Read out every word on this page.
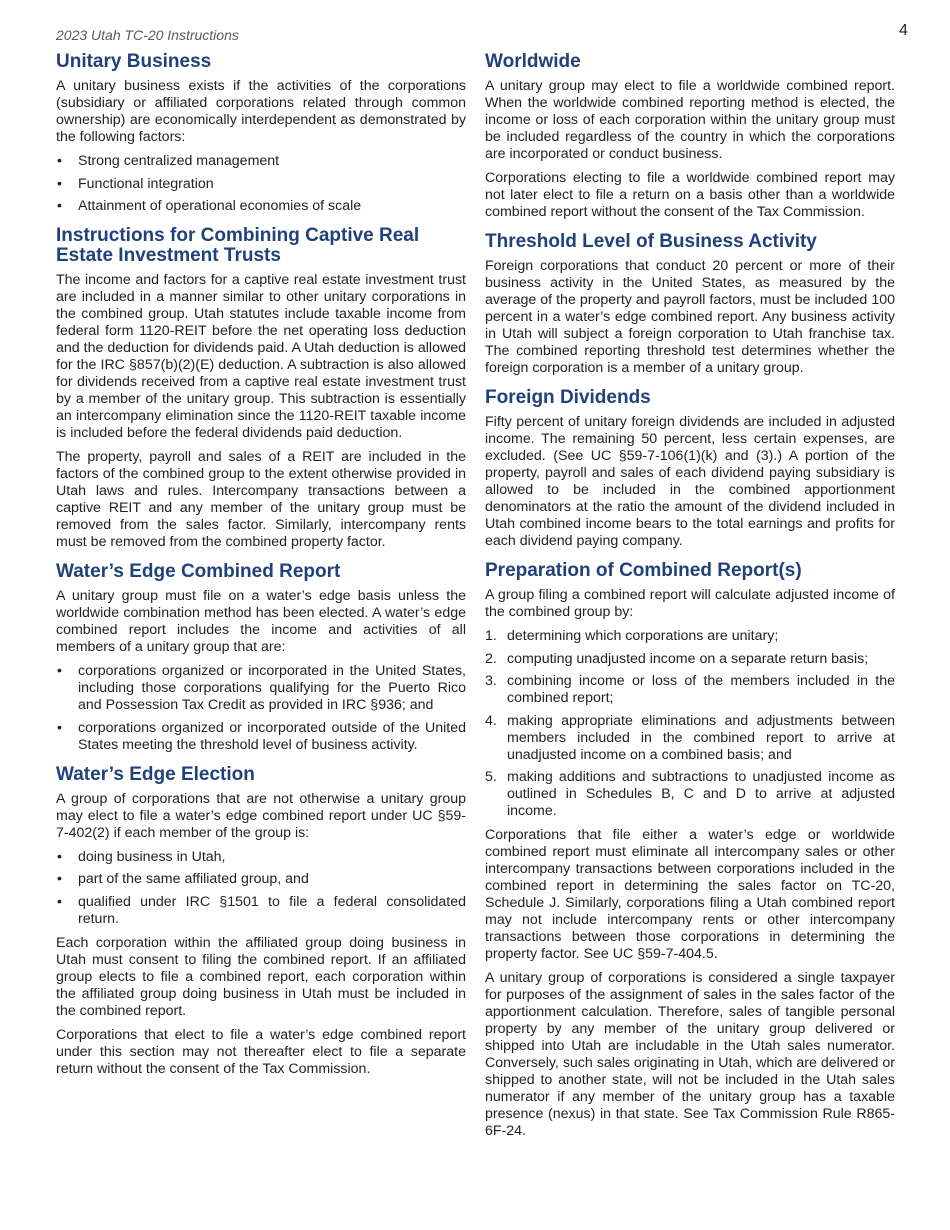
2023 Utah TC-20 Instructions	4
Unitary Business

A unitary business exists if the activities of the corporations (subsidiary or affiliated corporations related through common ownership) are economically interdependent as demonstrated by the following factors:

• Strong centralized management
• Functional integration
• Attainment of operational economies of scale
Instructions for Combining Captive Real Estate Investment Trusts

The income and factors for a captive real estate investment trust are included in a manner similar to other unitary corporations in the combined group. Utah statutes include taxable income from federal form 1120-REIT before the net operating loss deduction and the deduction for dividends paid. A Utah deduction is allowed for the IRC §857(b)(2)(E) deduction. A subtraction is also allowed for dividends received from a captive real estate investment trust by a member of the unitary group. This subtraction is essentially an intercompany elimination since the 1120-REIT taxable income is included before the federal dividends paid deduction.

The property, payroll and sales of a REIT are included in the factors of the combined group to the extent otherwise provided in Utah laws and rules. Intercompany transactions between a captive REIT and any member of the unitary group must be removed from the sales factor. Similarly, intercompany rents must be removed from the combined property factor.

Water’s Edge Combined Report

A unitary group must file on a water’s edge basis unless the worldwide combination method has been elected. A water’s edge combined report includes the income and activities of all members of a unitary group that are:

• corporations organized or incorporated in the United States, including those corporations qualifying for the Puerto Rico and Possession Tax Credit as provided in IRC §936; and
• corporations organized or incorporated outside of the United States meeting the threshold level of business activity.
Water’s Edge Election

A group of corporations that are not otherwise a unitary group may elect to file a water’s edge combined report under UC §59-7-402(2) if each member of the group is:

• doing business in Utah,
• part of the same affiliated group, and
• qualified under IRC §1501 to file a federal consolidated return.

Each corporation within the affiliated group doing business in Utah must consent to filing the combined report. If an affiliated group elects to file a combined report, each corporation within the affiliated group doing business in Utah must be included in the combined report.

Corporations that elect to file a water’s edge combined report under this section may not thereafter elect to file a separate return without the consent of the Tax Commission.

Worldwide

A unitary group may elect to file a worldwide combined report. When the worldwide combined reporting method is elected, the income or loss of each corporation within the unitary group must be included regardless of the country in which the corporations are incorporated or conduct business.

Corporations electing to file a worldwide combined report may not later elect to file a return on a basis other than a worldwide combined report without the consent of the Tax Commission.

Threshold Level of Business Activity

Foreign corporations that conduct 20 percent or more of their business activity in the United States, as measured by the average of the property and payroll factors, must be included 100 percent in a water’s edge combined report. Any business activity in Utah will subject a foreign corporation to Utah franchise tax. The combined reporting threshold test determines whether the foreign corporation is a member of a unitary group.

Foreign Dividends

Fifty percent of unitary foreign dividends are included in adjusted income. The remaining 50 percent, less certain expenses, are excluded. (See UC §59-7-106(1)(k) and (3).) A portion of the property, payroll and sales of each dividend paying subsidiary is allowed to be included in the combined apportionment denominators at the ratio the amount of the dividend included in Utah combined income bears to the total earnings and profits for each dividend paying company.

Preparation of Combined Report(s)

A group filing a combined report will calculate adjusted income of the combined group by:

1. determining which corporations are unitary;
2. computing unadjusted income on a separate return basis;
3. combining income or loss of the members included in the combined report;
4. making appropriate eliminations and adjustments between members included in the combined report to arrive at unadjusted income on a combined basis; and
5. making additions and subtractions to unadjusted income as outlined in Schedules B, C and D to arrive at adjusted income.

Corporations that file either a water’s edge or worldwide combined report must eliminate all intercompany sales or other intercompany transactions between corporations included in the combined report in determining the sales factor on TC-20, Schedule J. Similarly, corporations filing a Utah combined report may not include intercompany rents or other intercompany transactions between those corporations in determining the property factor. See UC §59-7-404.5.

A unitary group of corporations is considered a single taxpayer for purposes of the assignment of sales in the sales factor of the apportionment calculation. Therefore, sales of tangible personal property by any member of the unitary group delivered or shipped into Utah are includable in the Utah sales numerator. Conversely, such sales originating in Utah, which are delivered or shipped to another state, will not be included in the Utah sales numerator if any member of the unitary group has a taxable presence (nexus) in that state. See Tax Commission Rule R865-6F-24.
